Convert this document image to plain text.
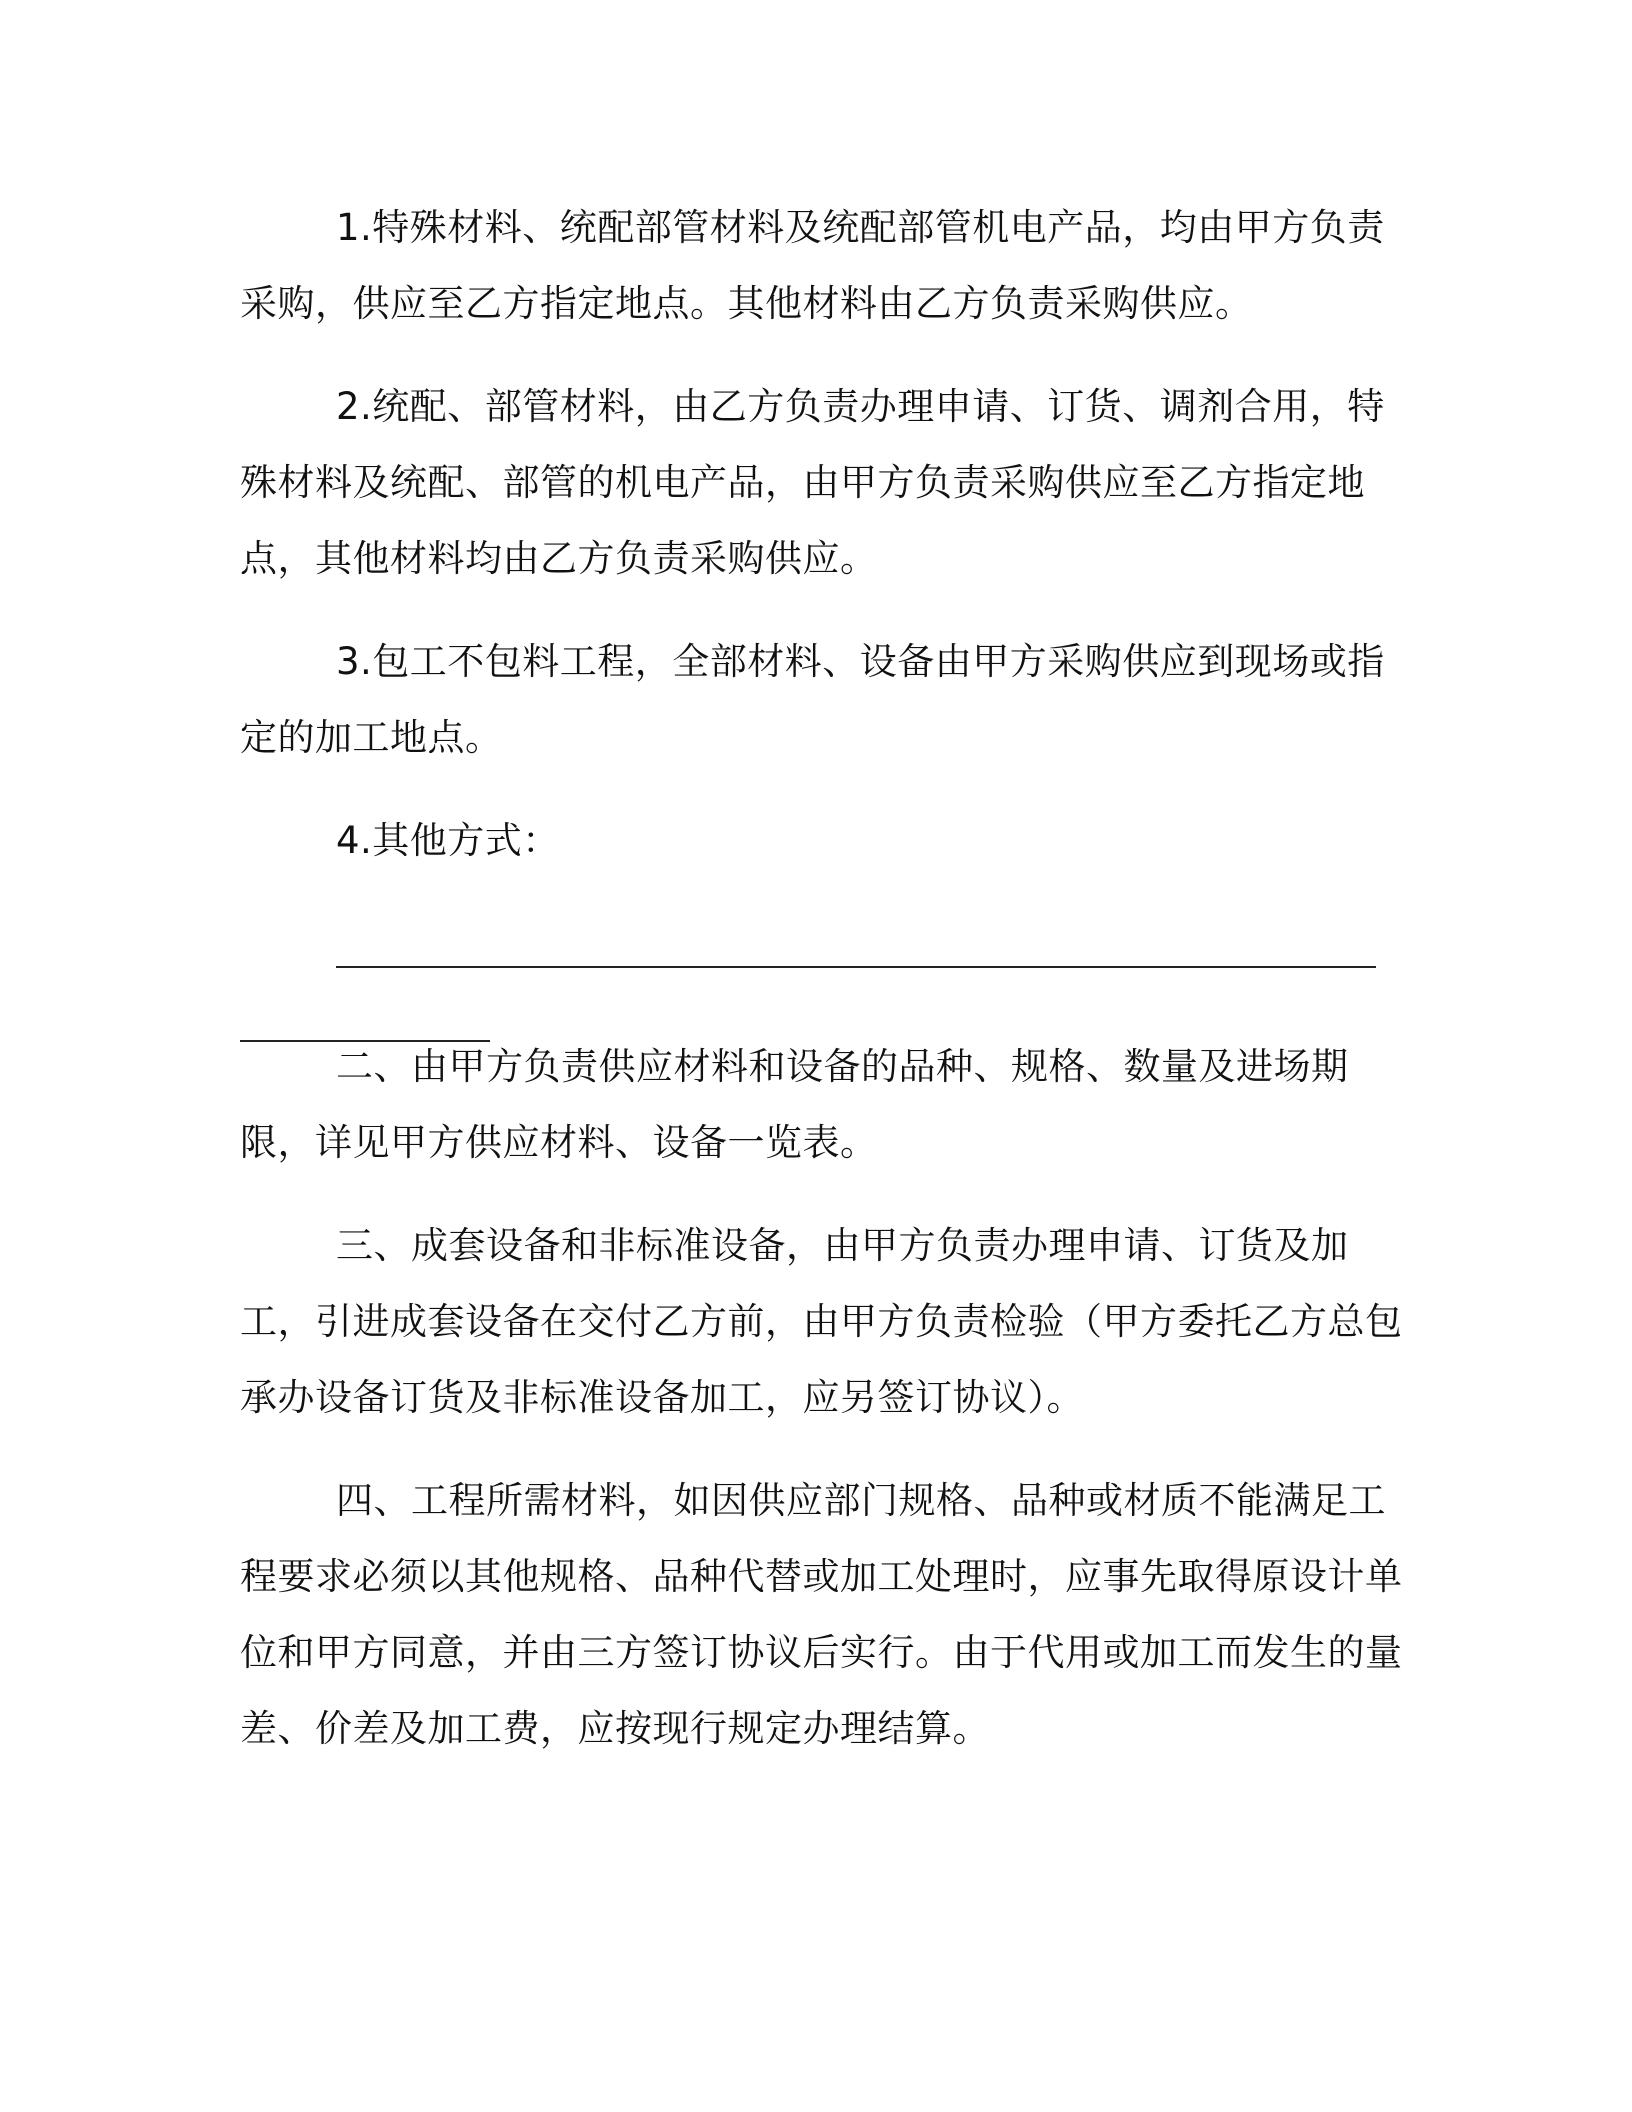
1.特殊材料、统配部管材料及统配部管机电产品，均由甲方负责采购，供应至乙方指定地点。其他材料由乙方负责采购供应。

2.统配、部管材料，由乙方负责办理申请、订货、调剂合用，特殊材料及统配、部管的机电产品，由甲方负责采购供应至乙方指定地点，其他材料均由乙方负责采购供应。

3.包工不包料工程，全部材料、设备由甲方采购供应到现场或指定的加工地点。

4.其他方式：

二、由甲方负责供应材料和设备的品种、规格、数量及进场期限，详见甲方供应材料、设备一览表。

三、成套设备和非标准设备，由甲方负责办理申请、订货及加工，引进成套设备在交付乙方前，由甲方负责检验（甲方委托乙方总包承办设备订货及非标准设备加工，应另签订协议）。

四、工程所需材料，如因供应部门规格、品种或材质不能满足工程要求必须以其他规格、品种代替或加工处理时，应事先取得原设计单位和甲方同意，并由三方签订协议后实行。由于代用或加工而发生的量差、价差及加工费，应按现行规定办理结算。
